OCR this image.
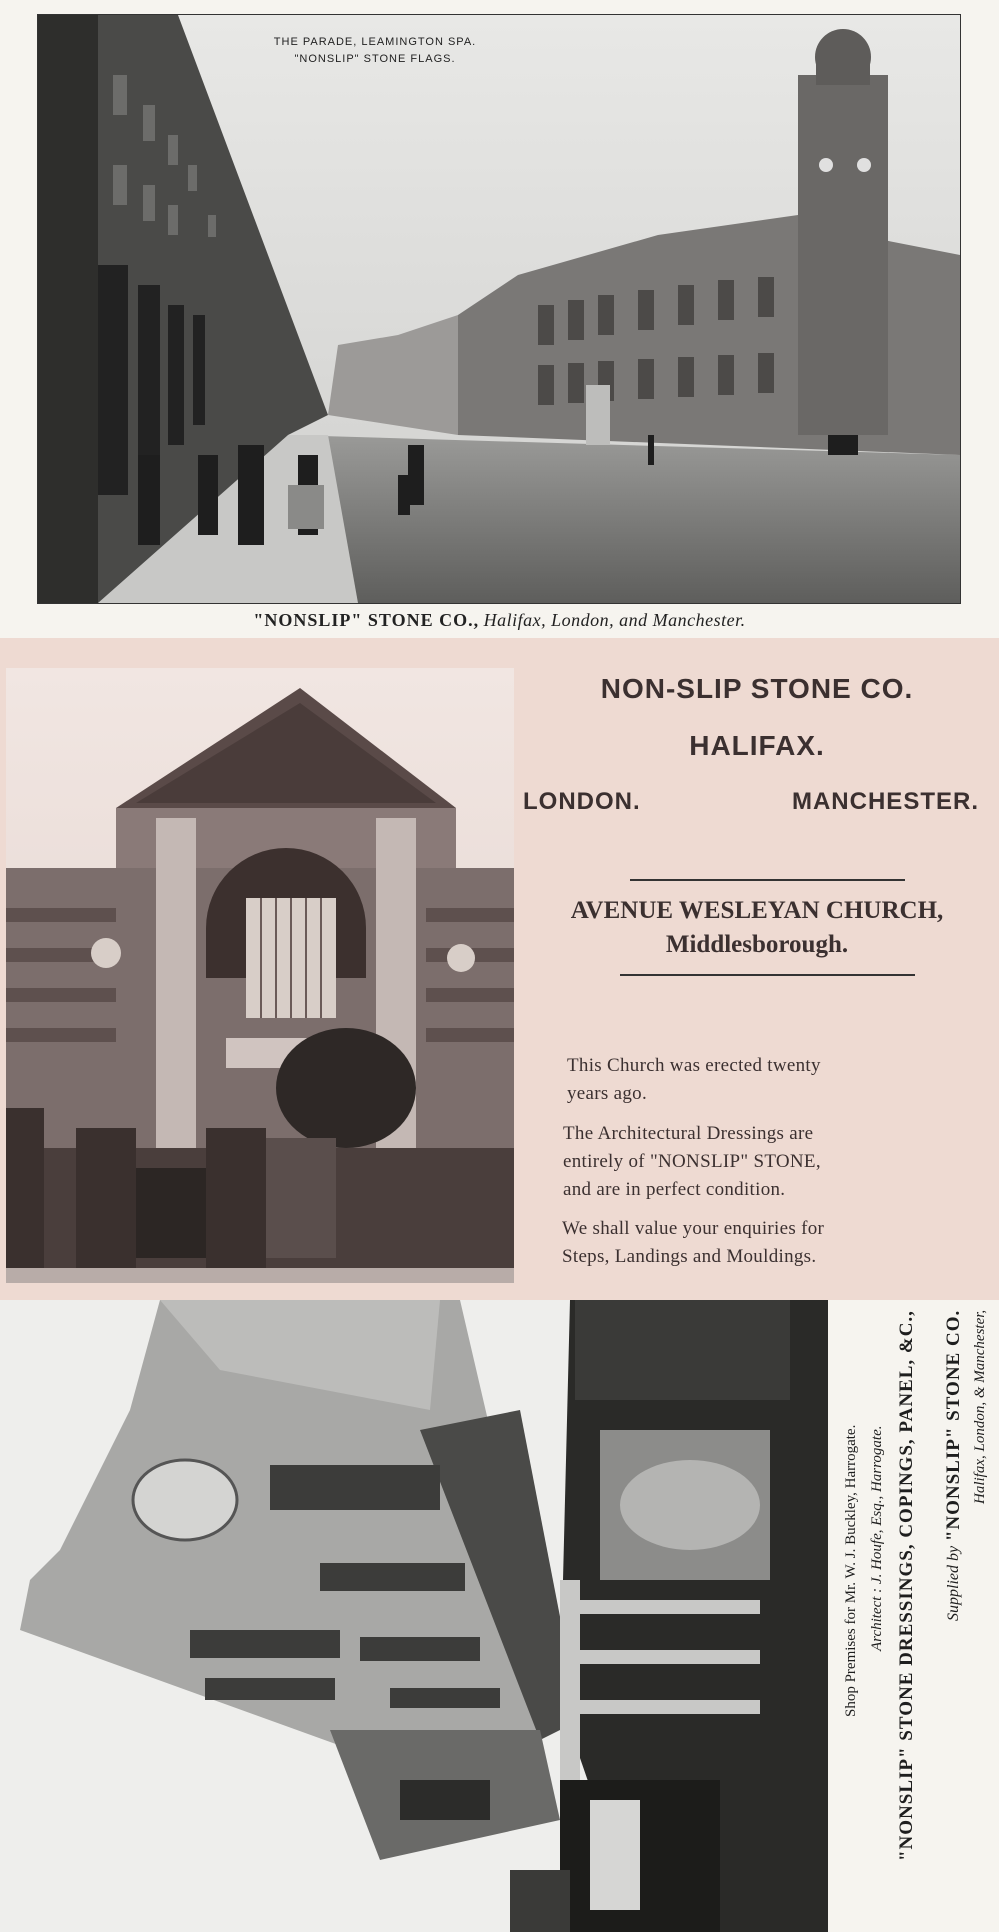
THE PARADE, LEAMINGTON SPA.
"NONSLIP" STONE FLAGS.
"NONSLIP" STONE CO., Halifax, London, and Manchester.
NON-SLIP STONE CO.
HALIFAX.
LONDON.	MANCHESTER.
AVENUE WESLEYAN CHURCH,
Middlesborough.
This Church was erected twenty
years ago.
The Architectural Dressings are
entirely of "NONSLIP" STONE,
and are in perfect condition.
We shall value your enquiries for
Steps, Landings and Mouldings.
Shop Premises for Mr. W. J. Buckley, Harrogate. Architect : J. Houfe, Esq., Harrogate. "NONSLIP" STONE DRESSINGS, COPINGS, PANEL, &C., Supplied by "NONSLIP" STONE CO. Halifax, London, & Manchester,
